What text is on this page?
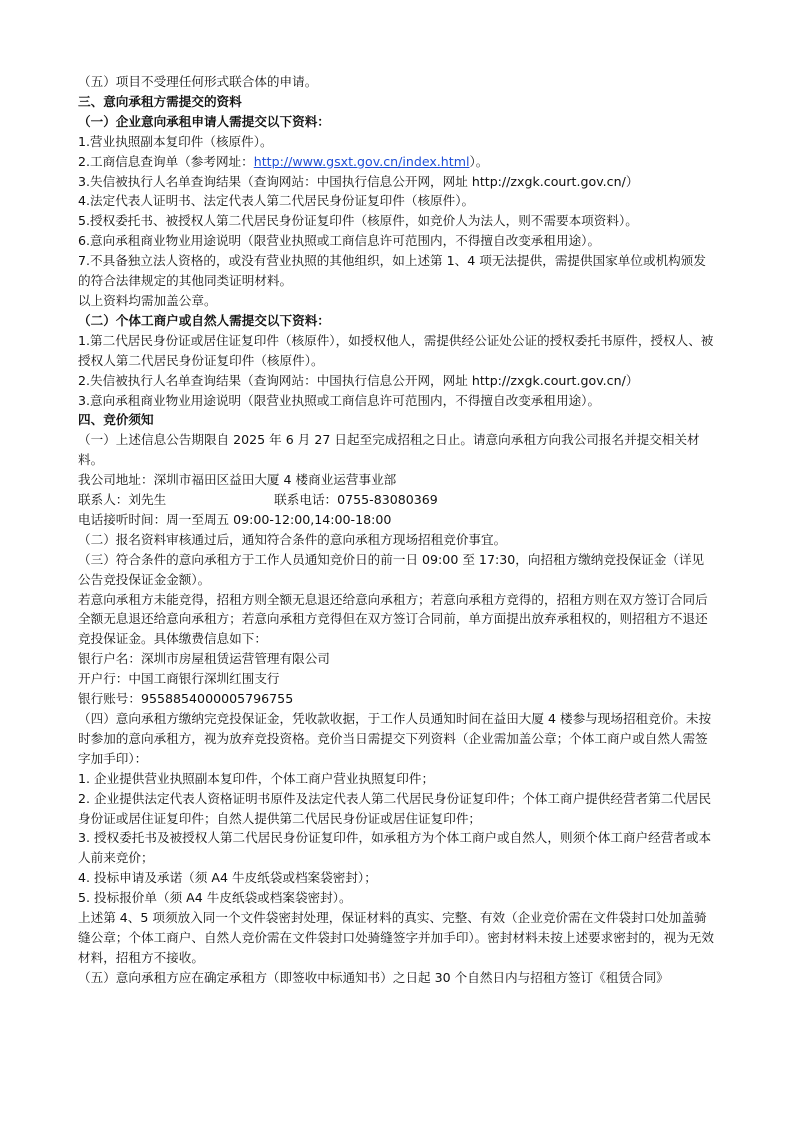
（五）项目不受理任何形式联合体的申请。

三、意向承租方需提交的资料

（一）企业意向承租申请人需提交以下资料：

1.营业执照副本复印件（核原件）。

2.工商信息查询单（参考网址：http://www.gsxt.gov.cn/index.html）。

3.失信被执行人名单查询结果（查询网站：中国执行信息公开网，网址 http://zxgk.court.gov.cn/）

4.法定代表人证明书、法定代表人第二代居民身份证复印件（核原件）。

5.授权委托书、被授权人第二代居民身份证复印件（核原件，如竞价人为法人，则不需要本项资料）。

6.意向承租商业物业用途说明（限营业执照或工商信息许可范围内，不得擅自改变承租用途）。

7.不具备独立法人资格的，或没有营业执照的其他组织，如上述第 1、4 项无法提供，需提供国家单位或机构颁发的符合法律规定的其他同类证明材料。

以上资料均需加盖公章。

（二）个体工商户或自然人需提交以下资料：

1.第二代居民身份证或居住证复印件（核原件），如授权他人，需提供经公证处公证的授权委托书原件，授权人、被授权人第二代居民身份证复印件（核原件）。

2.失信被执行人名单查询结果（查询网站：中国执行信息公开网，网址 http://zxgk.court.gov.cn/）

3.意向承租商业物业用途说明（限营业执照或工商信息许可范围内，不得擅自改变承租用途）。

四、竞价须知

（一）上述信息公告期限自 2025 年 6 月 27 日起至完成招租之日止。请意向承租方向我公司报名并提交相关材料。

我公司地址：深圳市福田区益田大厦 4 楼商业运营事业部

联系人：刘先生	联系电话：0755-83080369

电话接听时间：周一至周五 09:00-12:00,14:00-18:00

（二）报名资料审核通过后，通知符合条件的意向承租方现场招租竞价事宜。

（三）符合条件的意向承租方于工作人员通知竞价日的前一日 09:00 至 17:30，向招租方缴纳竞投保证金（详见公告竞投保证金金额）。

若意向承租方未能竞得，招租方则全额无息退还给意向承租方；若意向承租方竞得的，招租方则在双方签订合同后全额无息退还给意向承租方；若意向承租方竞得但在双方签订合同前，单方面提出放弃承租权的，则招租方不退还竞投保证金。具体缴费信息如下：

银行户名：深圳市房屋租赁运营管理有限公司

开户行：中国工商银行深圳红围支行

银行账号：9558854000005796755

（四）意向承租方缴纳完竞投保证金，凭收款收据，于工作人员通知时间在益田大厦 4 楼参与现场招租竞价。未按时参加的意向承租方，视为放弃竞投资格。竞价当日需提交下列资料（企业需加盖公章；个体工商户或自然人需签字加手印）：

1. 企业提供营业执照副本复印件，个体工商户营业执照复印件；

2. 企业提供法定代表人资格证明书原件及法定代表人第二代居民身份证复印件；个体工商户提供经营者第二代居民身份证或居住证复印件；自然人提供第二代居民身份证或居住证复印件；

3. 授权委托书及被授权人第二代居民身份证复印件，如承租方为个体工商户或自然人，则须个体工商户经营者或本人前来竞价；

4. 投标申请及承诺（须 A4 牛皮纸袋或档案袋密封）；

5. 投标报价单（须 A4 牛皮纸袋或档案袋密封）。

上述第 4、5 项须放入同一个文件袋密封处理，保证材料的真实、完整、有效（企业竞价需在文件袋封口处加盖骑缝公章；个体工商户、自然人竞价需在文件袋封口处骑缝签字并加手印）。密封材料未按上述要求密封的，视为无效材料，招租方不接收。

（五）意向承租方应在确定承租方（即签收中标通知书）之日起 30 个自然日内与招租方签订《租赁合同》
